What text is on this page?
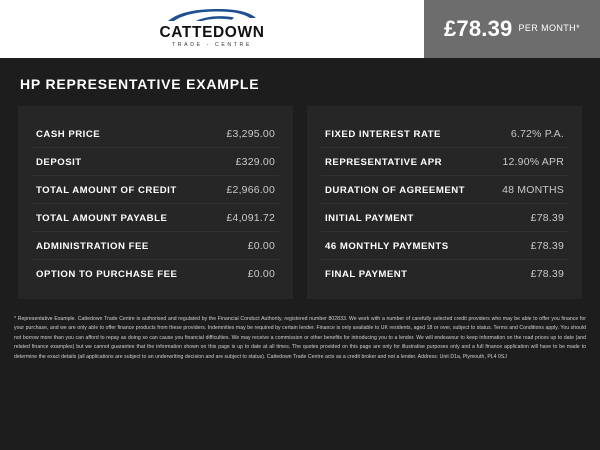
CATTEDOWN
TRADE - CENTRE
£78.39 PER MONTH*
HP REPRESENTATIVE EXAMPLE
CASH PRICE	£3,295.00
DEPOSIT	£329.00
TOTAL AMOUNT OF CREDIT	£2,966.00
TOTAL AMOUNT PAYABLE	£4,091.72
ADMINISTRATION FEE	£0.00
OPTION TO PURCHASE FEE	£0.00
FIXED INTEREST RATE	6.72% P.A.
REPRESENTATIVE APR	12.90% APR
DURATION OF AGREEMENT	48 MONTHS
INITIAL PAYMENT	£78.39
46 MONTHLY PAYMENTS	£78.39
FINAL PAYMENT	£78.39
* Representative Example. Cattedown Trade Centre is authorised and regulated by the Financial Conduct Authority, registered number 802833. We work with a number of carefully selected credit providers who may be able to offer you finance for your purchase, and we are only able to offer finance products from these providers. Indemnities may be required by certain lender. Finance is only available to UK residents, aged 18 or over, subject to status. Terms and Conditions apply. You should not borrow more than you can afford to repay as doing so can cause you financial difficulties. We may receive a commission or other benefits for introducing you to a lender. We will endeavour to keep information on the road prices up to date (and related finance examples) but we cannot guarantee that the information shown on this page is up to date at all times. The quotes provided on this page are only for illustrative purposes only and a full finance application will have to be made to determine the exact details (all applications are subject to an underwriting decision and are subject to status). Cattedown Trade Centre acts as a credit broker and not a lender. Address: Unit D1a, Plymouth, PL4 0SJ
